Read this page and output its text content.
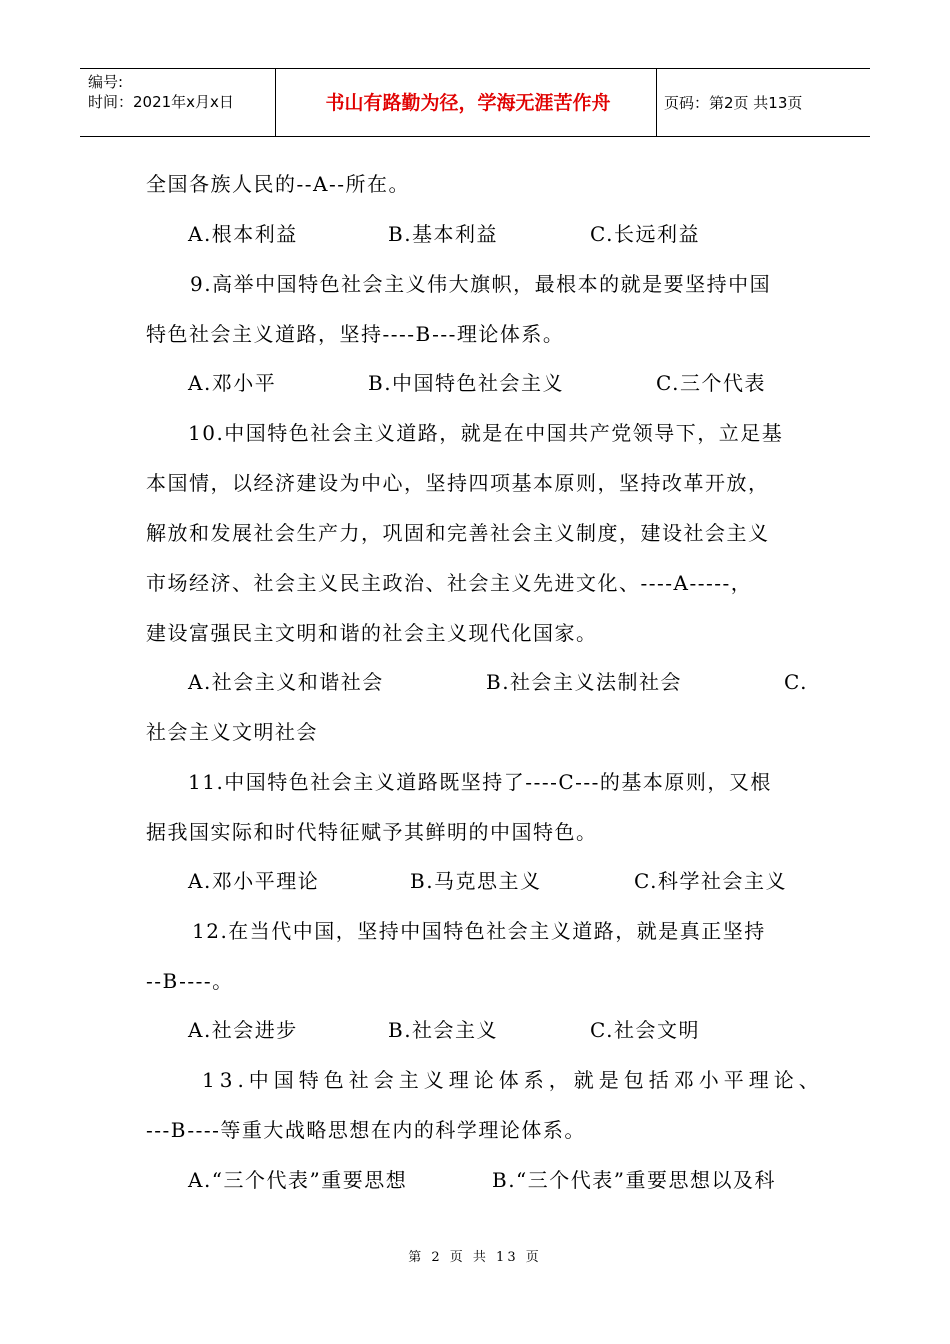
编号:
时间：2021年x月x日	书山有路勤为径，学海无涯苦作舟	页码：第2页 共13页
全国各族人民的--A--所在。
A.根本利益	B.基本利益	C.长远利益
9.高举中国特色社会主义伟大旗帜，最根本的就是要坚持中国
特色社会主义道路，坚持----B---理论体系。
A.邓小平	B.中国特色社会主义	C.三个代表
10.中国特色社会主义道路，就是在中国共产党领导下，立足基
本国情，以经济建设为中心，坚持四项基本原则，坚持改革开放，
解放和发展社会生产力，巩固和完善社会主义制度，建设社会主义
市场经济、社会主义民主政治、社会主义先进文化、----A-----，
建设富强民主文明和谐的社会主义现代化国家。
A.社会主义和谐社会	B.社会主义法制社会	C.
社会主义文明社会
11.中国特色社会主义道路既坚持了----C---的基本原则，又根
据我国实际和时代特征赋予其鲜明的中国特色。
A.邓小平理论	B.马克思主义	C.科学社会主义
12.在当代中国，坚持中国特色社会主义道路，就是真正坚持
--B----。
A.社会进步	B.社会主义	C.社会文明
13.中国特色社会主义理论体系，就是包括邓小平理论、
---B----等重大战略思想在内的科学理论体系。
A.“三个代表”重要思想	B.“三个代表”重要思想以及科
第 2 页 共 13 页
